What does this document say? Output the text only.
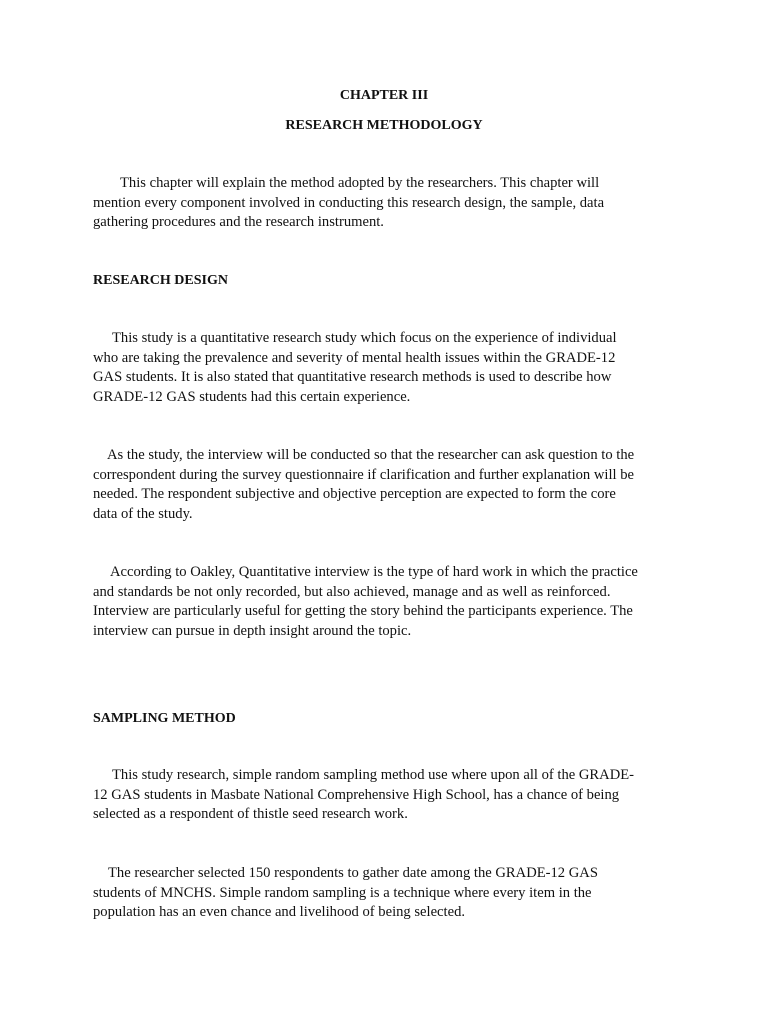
CHAPTER III
RESEARCH METHODOLOGY

This chapter will explain the method adopted by the researchers. This chapter will
mention every component involved in conducting this research design, the sample, data
gathering procedures and the research instrument.

RESEARCH DESIGN

This study is a quantitative research study which focus on the experience of individual
who are taking the prevalence and severity of mental health issues within the GRADE-12
GAS students. It is also stated that quantitative research methods is used to describe how
GRADE-12 GAS students had this certain experience.

As the study, the interview will be conducted so that the researcher can ask question to the
correspondent during the survey questionnaire if clarification and further explanation will be
needed. The respondent subjective and objective perception are expected to form the core
data of the study.

According to Oakley, Quantitative interview is the type of hard work in which the practice
and standards be not only recorded, but also achieved, manage and as well as reinforced.
Interview are particularly useful for getting the story behind the participants experience. The
interview can pursue in depth insight around the topic.

SAMPLING METHOD

This study research, simple random sampling method use where upon all of the GRADE-
12 GAS students in Masbate National Comprehensive High School, has a chance of being
selected as a respondent of thistle seed research work.

The researcher selected 150 respondents to gather date among the GRADE-12 GAS
students of MNCHS. Simple random sampling is a technique where every item in the
population has an even chance and livelihood of being selected.
